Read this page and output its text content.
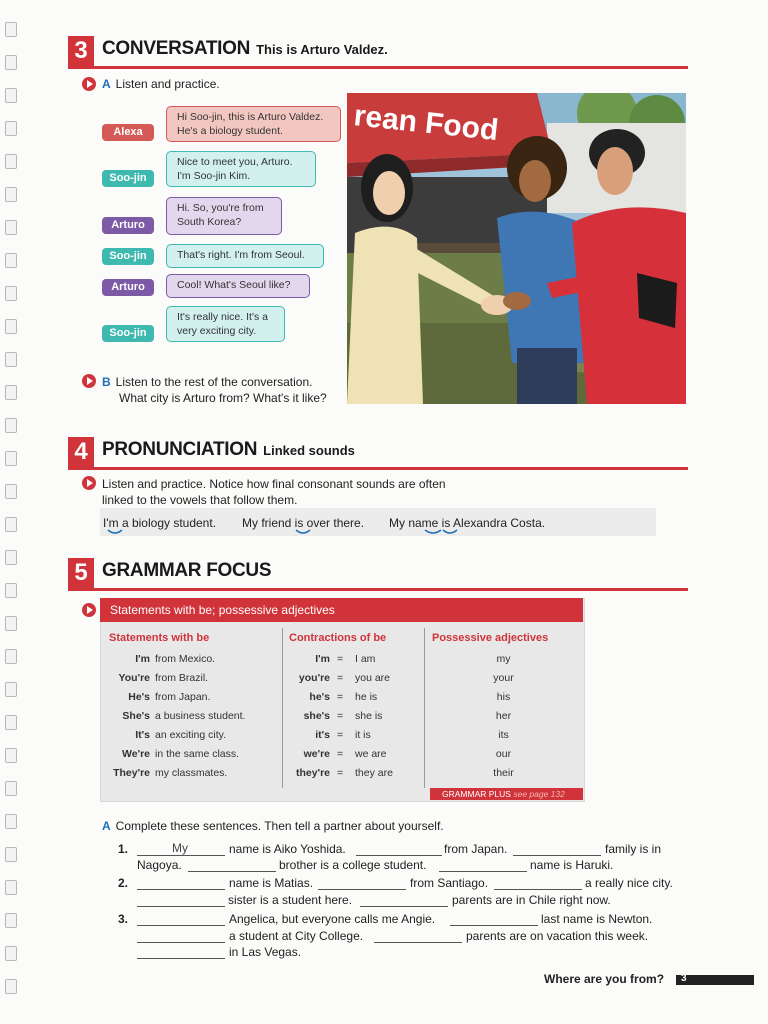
3 CONVERSATION This is Arturo Valdez.
A Listen and practice.
Alexa
Hi Soo-jin, this is Arturo Valdez.
He's a biology student.
Soo-jin
Nice to meet you, Arturo.
I'm Soo-jin Kim.
Arturo
Hi. So, you're from
South Korea?
Soo-jin	That's right. I'm from Seoul.
Arturo	Cool! What's Seoul like?
Soo-jin
It's really nice. It's a
very exciting city.
rean Food
B Listen to the rest of the conversation.
What city is Arturo from? What's it like?
4 PRONUNCIATION Linked sounds
Listen and practice. Notice how final consonant sounds are often
linked to the vowels that follow them.
I'm a biology student. My friend is over there. My name is Alexandra Costa.
5 GRAMMAR FOCUS
Statements with be; possessive adjectives
Statements with be	Contractions of be	Possessive adjectives
I'm from Mexico.	I'm = I am	my
You're from Brazil.	you're = you are	your
He's from Japan.	he's = he is	his
She's a business student.	she's = she is	her
It's an exciting city.	it's = it is	its
We're in the same class.	we're = we are	our
They're my classmates.	they're = they are	their
GRAMMAR PLUS see page 132
A Complete these sentences. Then tell a partner about yourself.
1.	My	name is Aiko Yoshida.	from Japan.	family is in
Nagoya.	brother is a college student.	name is Haruki.
2.	name is Matias.	from Santiago.	a really nice city.
sister is a student here.	parents are in Chile right now.
3.	Angelica, but everyone calls me Angie.	last name is Newton.
a student at City College.	parents are on vacation this week.
in Las Vegas.
Where are you from? 3
